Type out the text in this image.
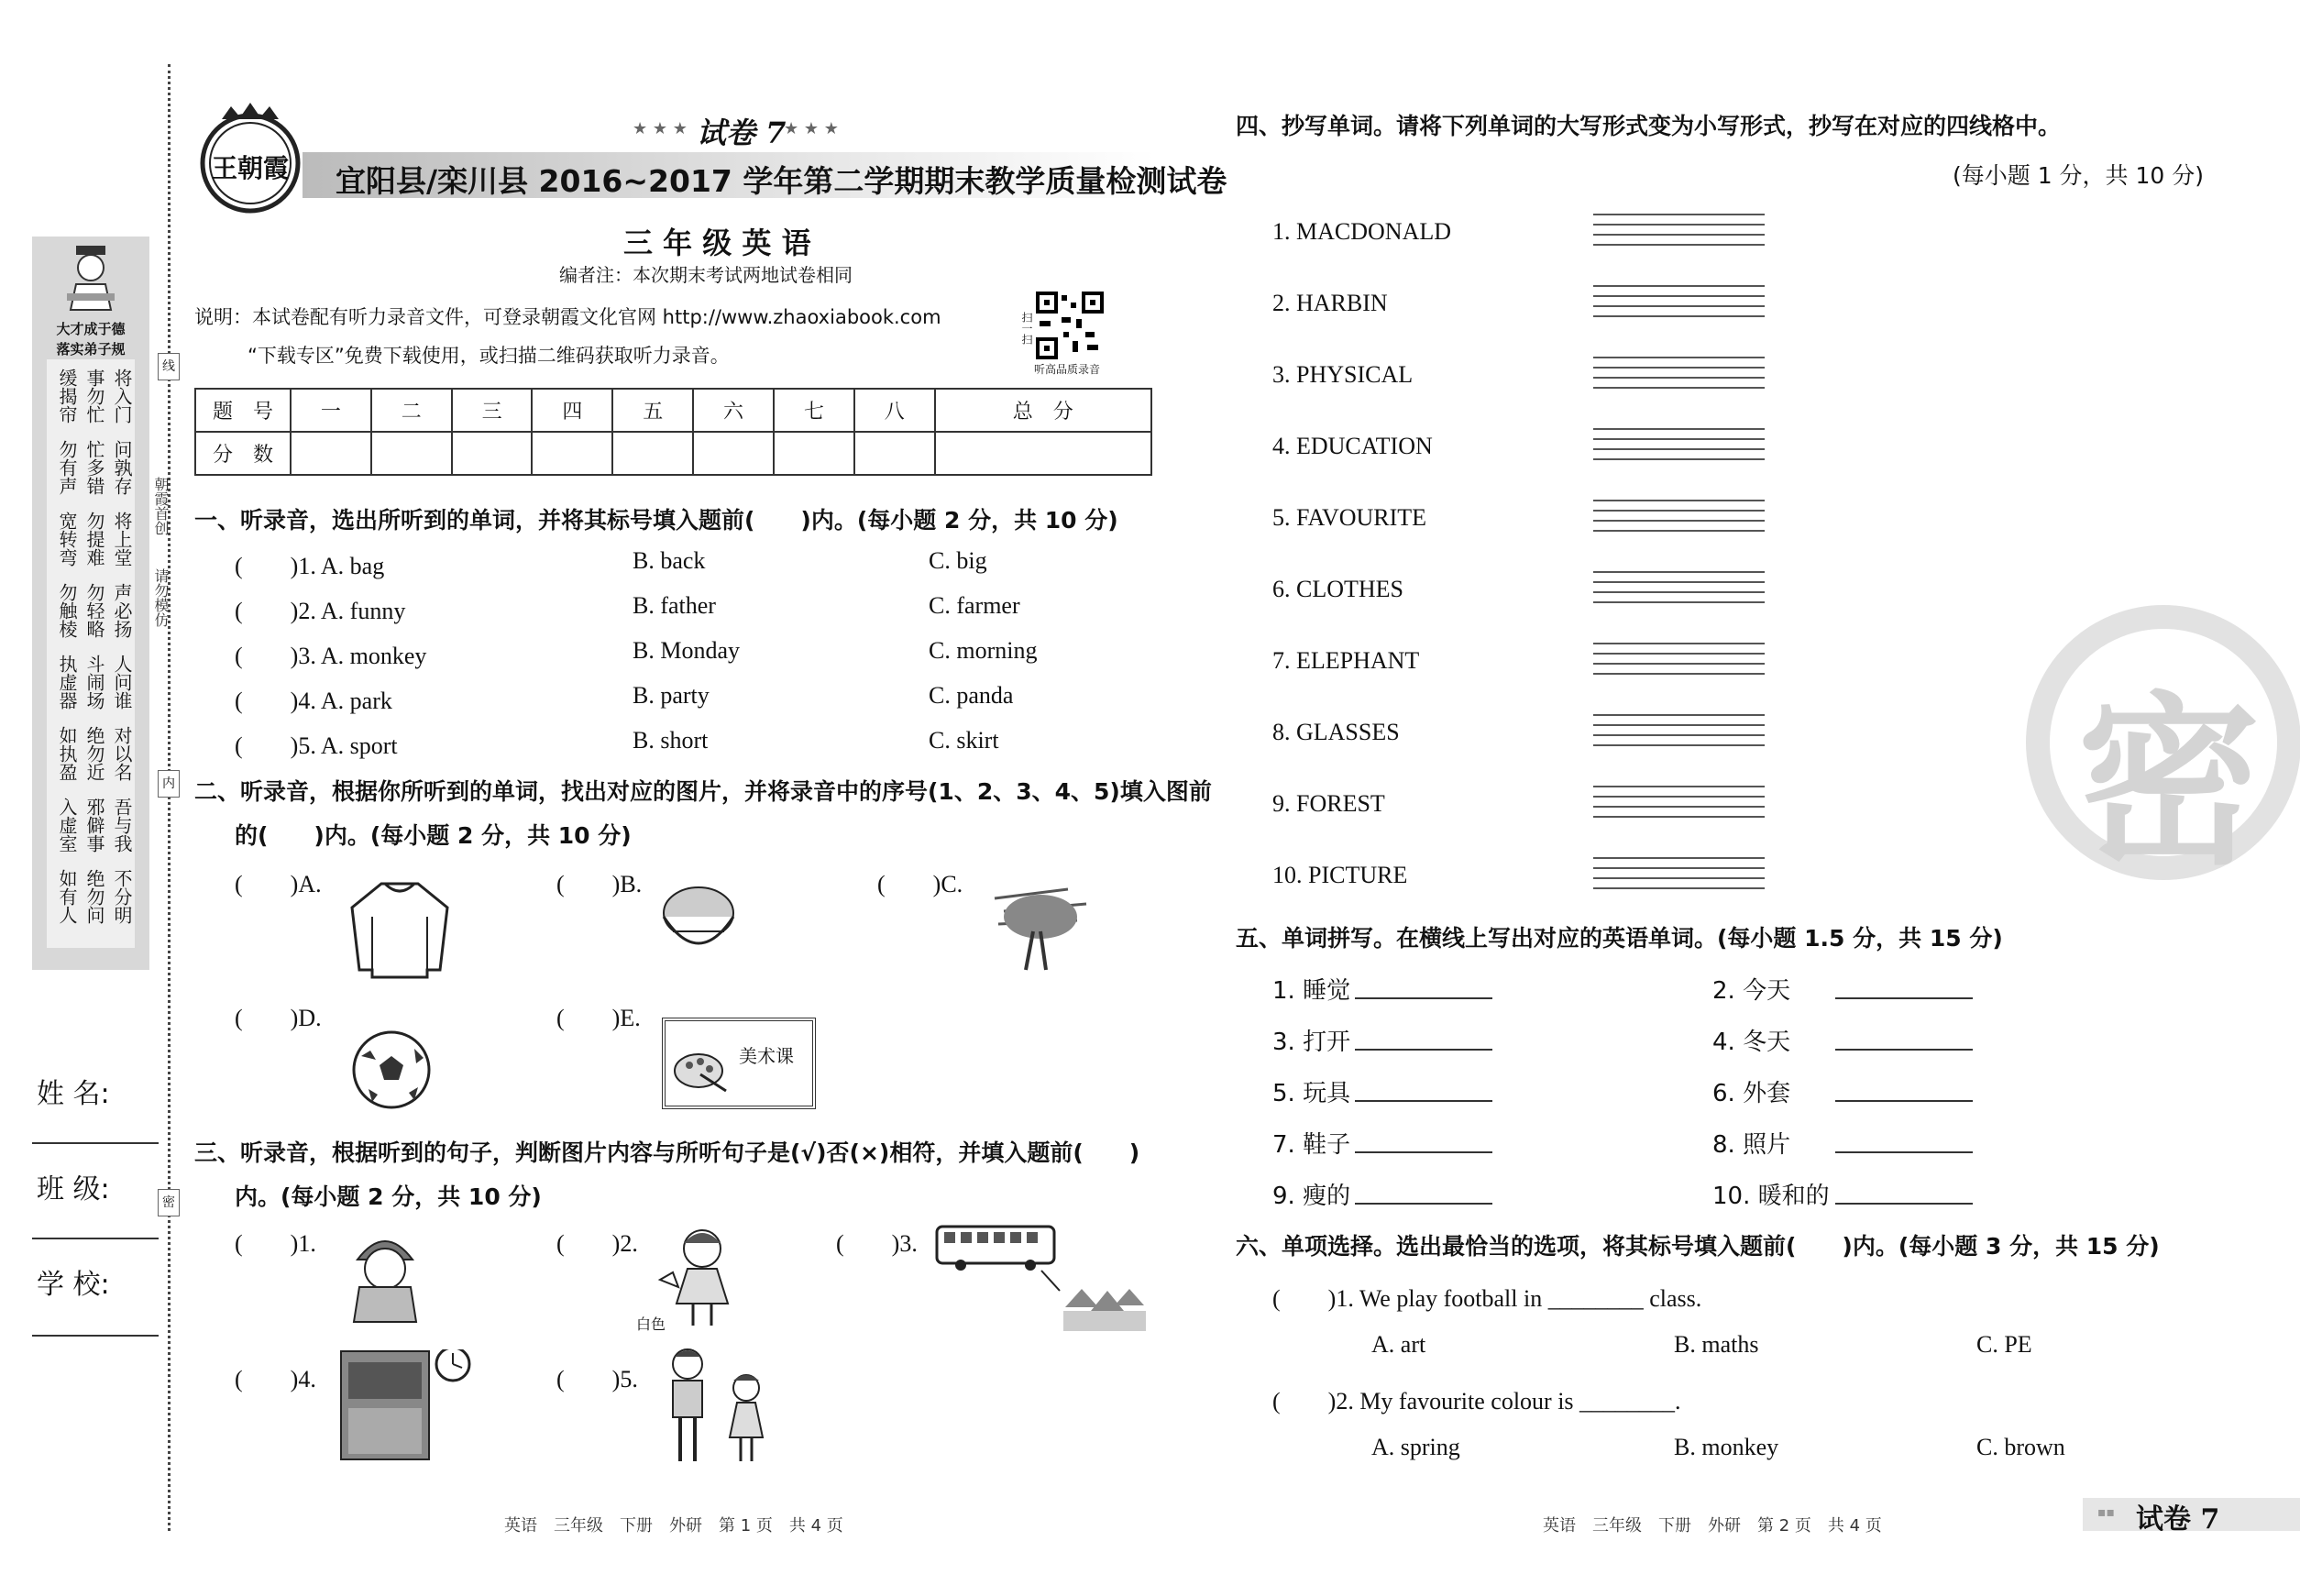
王朝霞
试卷 7
★ ★ ★	★ ★ ★
宜阳县/栾川县 2016~2017 学年第二学期期末教学质量检测试卷
三 年 级 英 语
编者注：本次期末考试两地试卷相同
说明：本试卷配有听力录音文件，可登录朝霞文化官网 http://www.zhaoxiabook.com
“下载专区”免费下载使用，或扫描二维码获取听力录音。
扫一扫
听高品质录音
大才成于德
落实弟子规
将入门
事勿忙
缓揭帘
问孰存
忙多错
勿有声
将上堂
勿提难
宽转弯
声必扬
勿轻略
勿触棱
人问谁
斗闹场
执虚器
对以名
绝勿近
如执盈
吾与我
邪僻事
入虚室
不分明
绝勿问
如有人
朝霞首创
请勿模仿
线
内
密
姓 名:
班 级:
学 校:
题　号	一	二	三	四	五	六	七	八	总　分
分　数									
一、听录音，选出所听到的单词，并将其标号填入题前(　　)内。(每小题 2 分，共 10 分)
(　　)1. A. bag	B. back	C. big
(　　)2. A. funny	B. father	C. farmer
(　　)3. A. monkey	B. Monday	C. morning
(　　)4. A. park	B. party	C. panda
(　　)5. A. sport	B. short	C. skirt
二、听录音，根据你所听到的单词，找出对应的图片，并将录音中的序号(1、2、3、4、5)填入图前
的(　　)内。(每小题 2 分，共 10 分)
(　　)A.	(　　)B.	(　　)C.
(　　)D.	(　　)E.
美术课
三、听录音，根据听到的句子，判断图片内容与所听句子是(√)否(×)相符，并填入题前(　　)
内。(每小题 2 分，共 10 分)
(　　)1.	(　　)2.	(　　)3.
(　　)4.	(　　)5.
白色
英语　三年级　下册　外研　第 1 页　共 4 页
四、抄写单词。请将下列单词的大写形式变为小写形式，抄写在对应的四线格中。
(每小题 1 分，共 10 分)
1. MACDONALD
2. HARBIN
3. PHYSICAL
4. EDUCATION
5. FAVOURITE
6. CLOTHES
7. ELEPHANT
8. GLASSES
9. FOREST
10. PICTURE	密
五、单词拼写。在横线上写出对应的英语单词。(每小题 1.5 分，共 15 分)
1. 睡觉	2. 今天
3. 打开	4. 冬天
5. 玩具	6. 外套
7. 鞋子	8. 照片
9. 瘦的	10. 暖和的
六、单项选择。选出最恰当的选项，将其标号填入题前(　　)内。(每小题 3 分，共 15 分)
(　　)1. We play football in ________ class.
A. art	B. maths	C. PE
(　　)2. My favourite colour is ________.
A. spring	B. monkey	C. brown
英语　三年级　下册　外研　第 2 页　共 4 页
▪▪ 试卷 7
